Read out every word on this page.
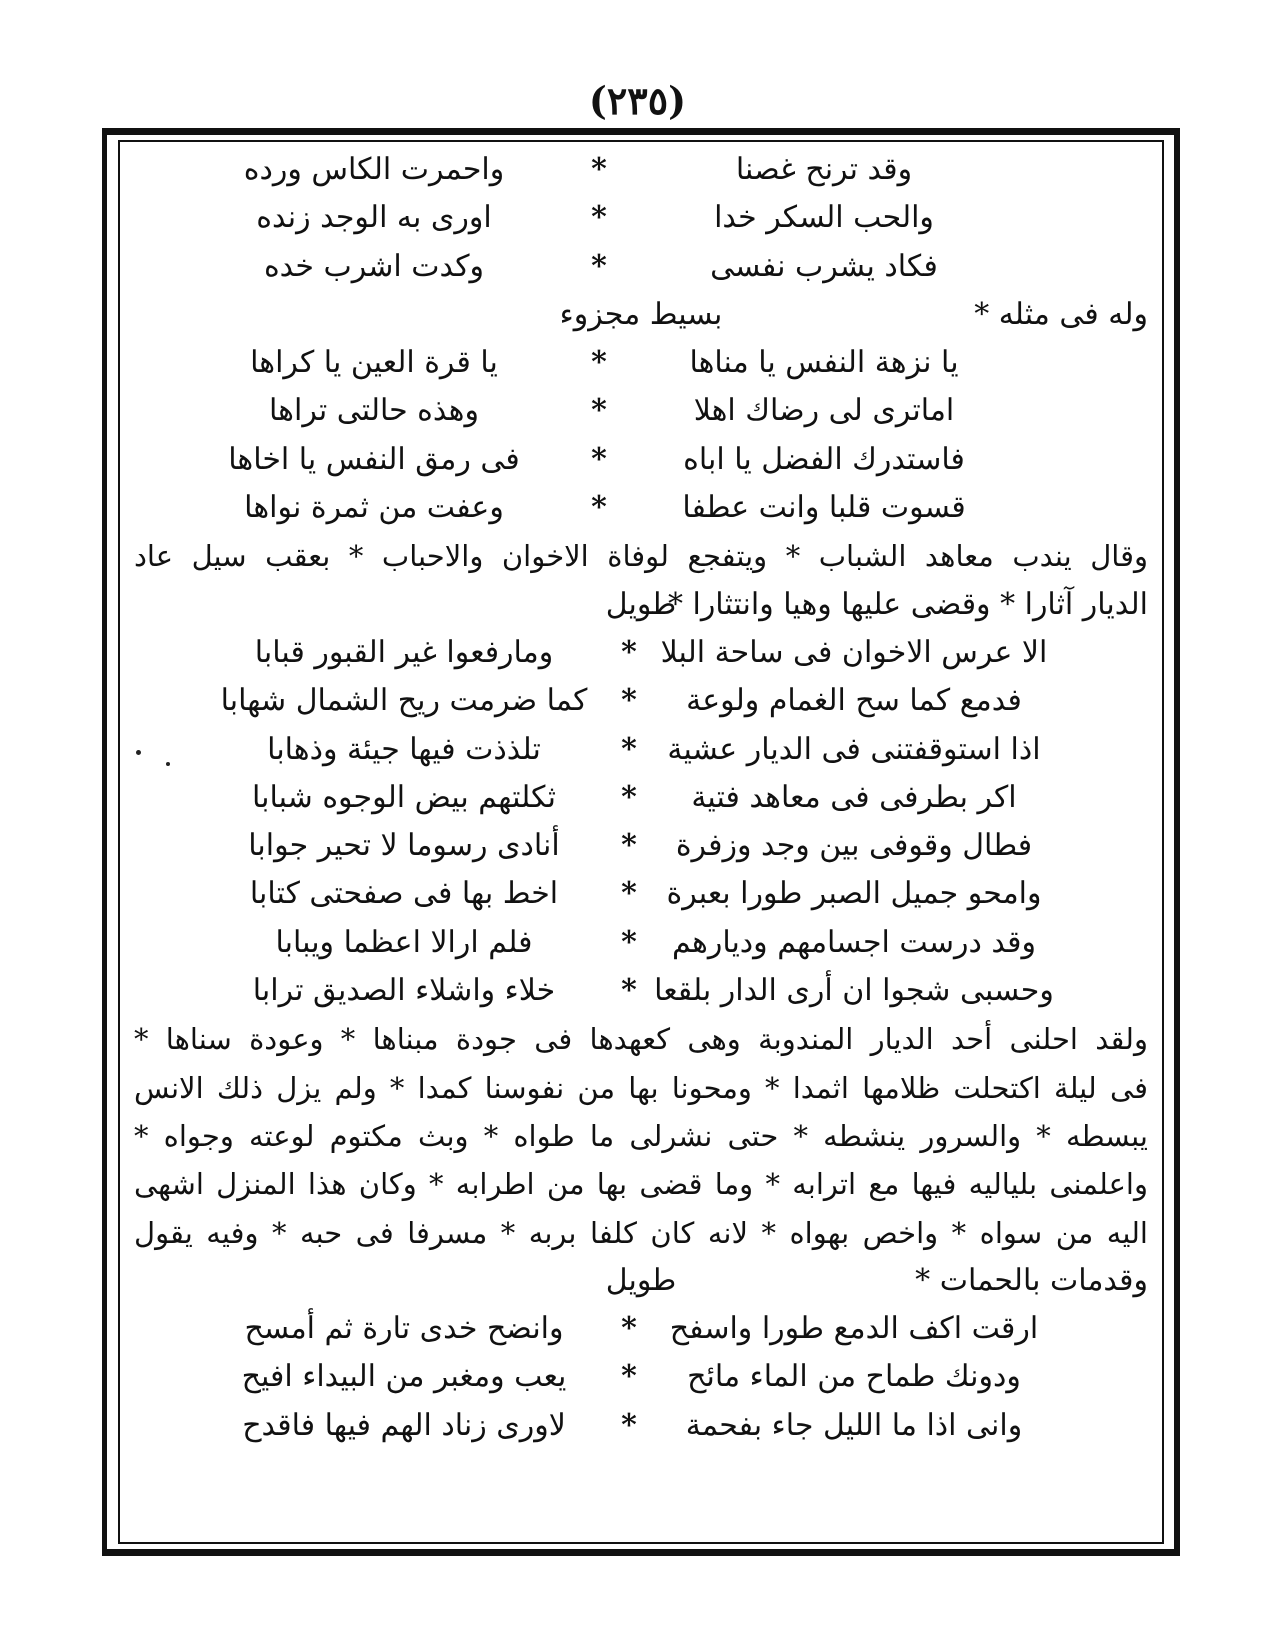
(٢٣٥)
وقد ترنح غصنا
*
واحمرت الكاس ورده
والحب السكر خدا
*
اورى به الوجد زنده
فكاد يشرب نفسى
*
وكدت اشرب خده
وله فى مثله *
بسيط مجزوء
يا نزهة النفس يا مناها
*
يا قرة العين يا كراها
اماترى لى رضاك اهلا
*
وهذه حالتى تراها
فاستدرك الفضل يا اباه
*
فى رمق النفس يا اخاها
قسوت قلبا وانت عطفا
*
وعفت من ثمرة نواها
وقال يندب معاهد الشباب * ويتفجع لوفاة الاخوان والاحباب * بعقب سيل عاد
الديار آثارا * وقضى عليها وهيا وانتثارا *
طويل
الا عرس الاخوان فى ساحة البلا
*
ومارفعوا غير القبور قبابا
فدمع كما سح الغمام ولوعة
*
كما ضرمت ريح الشمال شهابا
اذا استوقفتنى فى الديار عشية
*
تلذذت فيها جيئة وذهابا
اكر بطرفى فى معاهد فتية
*
ثكلتهم بيض الوجوه شبابا
فطال وقوفى بين وجد وزفرة
*
أنادى رسوما لا تحير جوابا
وامحو جميل الصبر طورا بعبرة
*
اخط بها فى صفحتى كتابا
وقد درست اجسامهم وديارهم
*
فلم ارالا اعظما ويبابا
وحسبى شجوا ان أرى الدار بلقعا
*
خلاء واشلاء الصديق ترابا
ولقد احلنى أحد الديار المندوبة وهى كعهدها فى جودة مبناها * وعودة سناها *
فى ليلة اكتحلت ظلامها اثمدا * ومحونا بها من نفوسنا كمدا * ولم يزل ذلك الانس
يبسطه * والسرور ينشطه * حتى نشرلى ما طواه * وبث مكتوم لوعته وجواه *
واعلمنى بلياليه فيها مع اترابه * وما قضى بها من اطرابه * وكان هذا المنزل اشهى
اليه من سواه * واخص بهواه * لانه كان كلفا بربه * مسرفا فى حبه * وفيه يقول
وقدمات بالحمات *
طويل
ارقت اكف الدمع طورا واسفح
*
وانضح خدى تارة ثم أمسح
ودونك طماح من الماء مائح
*
يعب ومغبر من البيداء افيح
وانى اذا ما الليل جاء بفحمة
*
لاورى زناد الهم فيها فاقدح
